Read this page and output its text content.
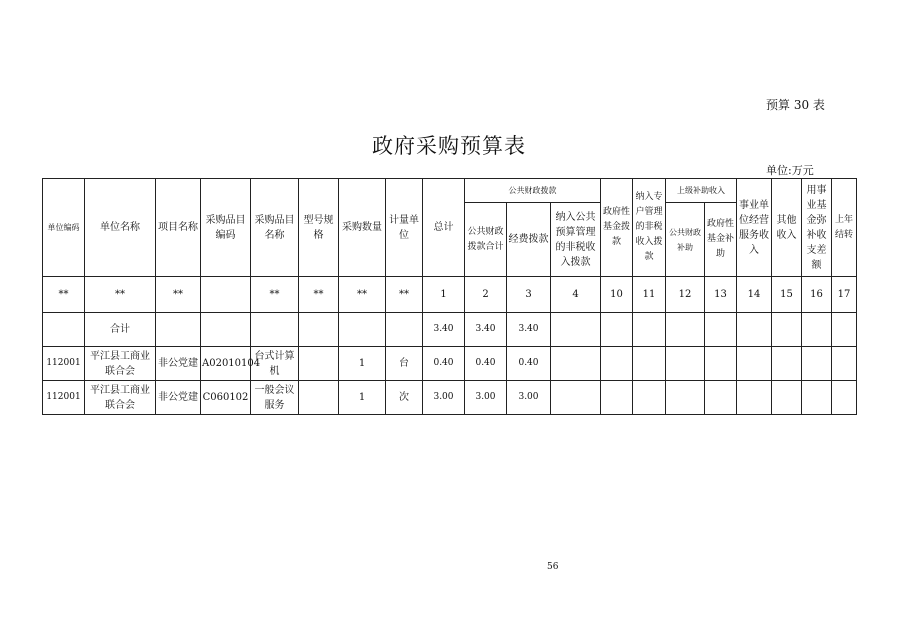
预算 30 表
政府采购预算表
单位:万元
单位编码	单位名称	项目名称	采购品目编码	采购品目名称	型号规格	采购数量	计量单位	总计	公共财政拨款			政府性基金拨款	纳入专户管理的非税收入拨款	上级补助收入		事业单位经营服务收入	其他收入	用事业基金弥补收支差额	上年结转
									公共财政拨款合计	经费拨款	纳入公共预算管理的非税收入拨款			公共财政补助	政府性基金补助				

**	**	**		**	**	**	**	1	2	3	4	10	11	12	13	14	15	16	17
	合计							3.40	3.40	3.40									
112001	平江县工商业联合会	非公党建	A02010104	台式计算机		1	台	0.40	0.40	0.40									
112001	平江县工商业联合会	非公党建	C060102	一般会议服务		1	次	3.00	3.00	3.00									
56
